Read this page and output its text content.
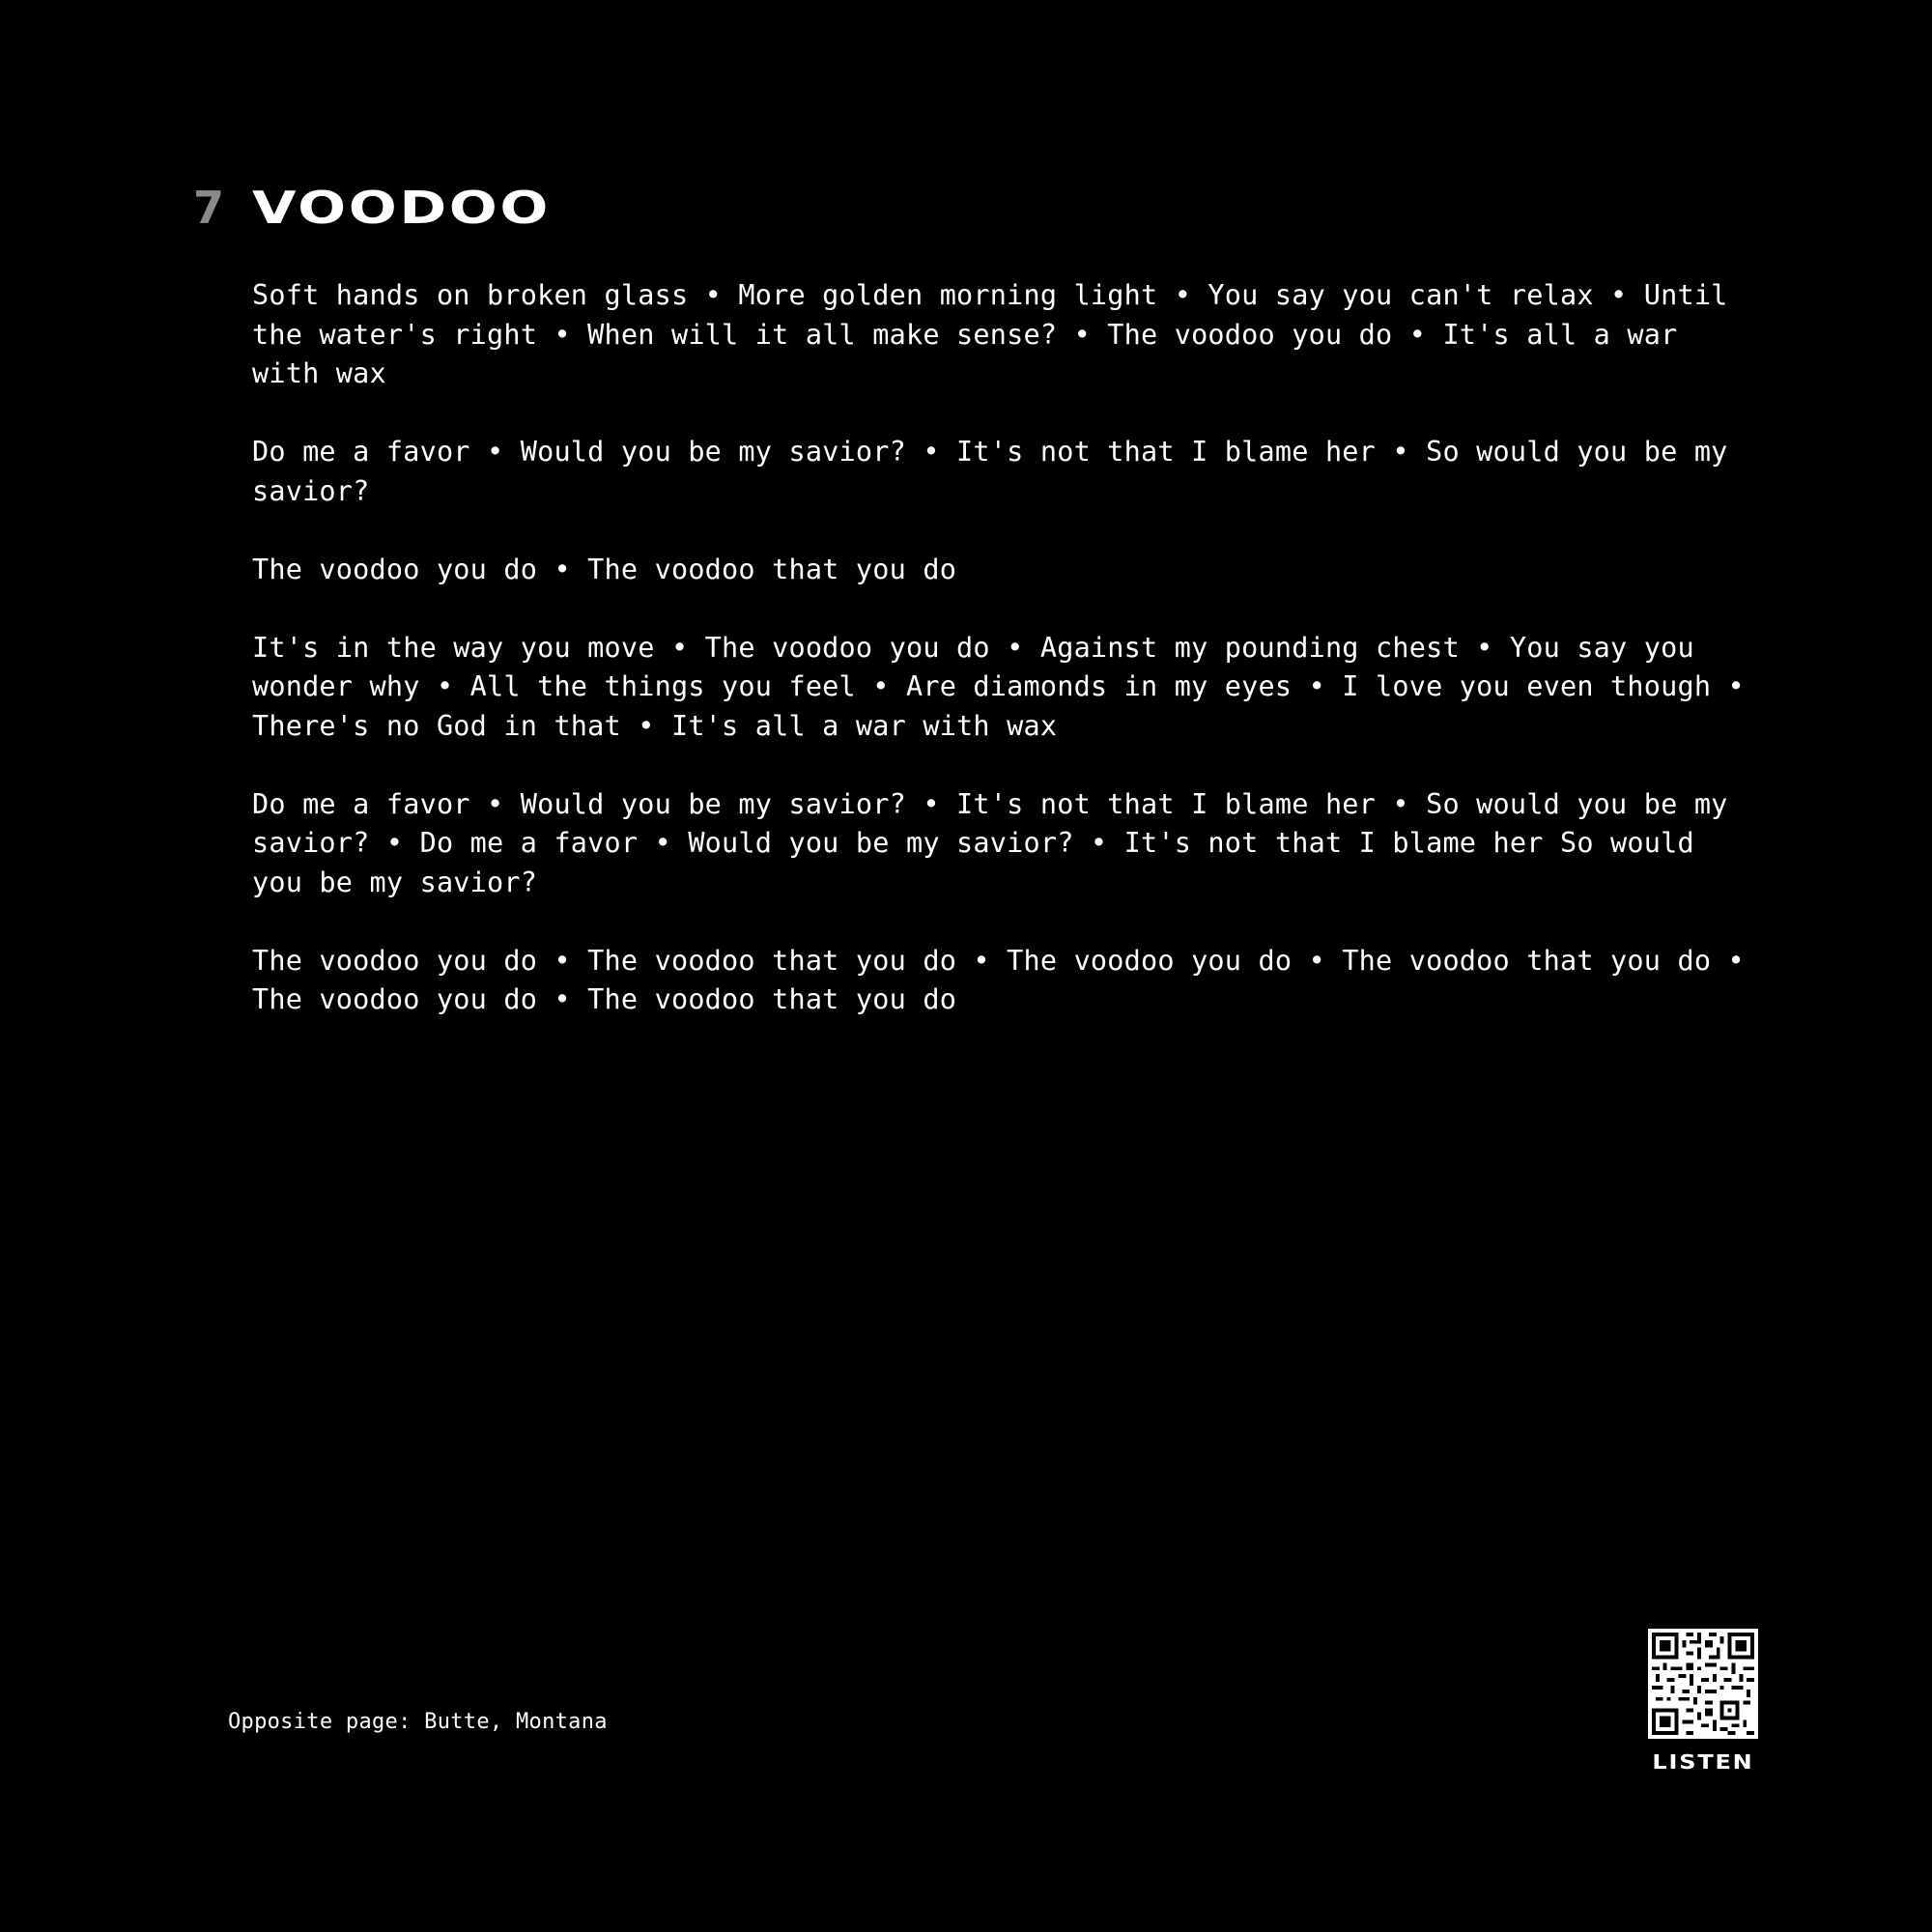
7 VOODOO

Soft hands on broken glass • More golden morning light • You say you can't relax • Until the water's right • When will it all make sense? • The voodoo you do • It's all a war with wax

Do me a favor • Would you be my savior? • It's not that I blame her • So would you be my savior?

The voodoo you do • The voodoo that you do

It's in the way you move • The voodoo you do • Against my pounding chest • You say you wonder why • All the things you feel • Are diamonds in my eyes • I love you even though • There's no God in that • It's all a war with wax

Do me a favor • Would you be my savior? • It's not that I blame her • So would you be my savior? • Do me a favor • Would you be my savior? • It's not that I blame her So would you be my savior?

The voodoo you do • The voodoo that you do • The voodoo you do • The voodoo that you do • The voodoo you do • The voodoo that you do

Opposite page: Butte, Montana
LISTEN
